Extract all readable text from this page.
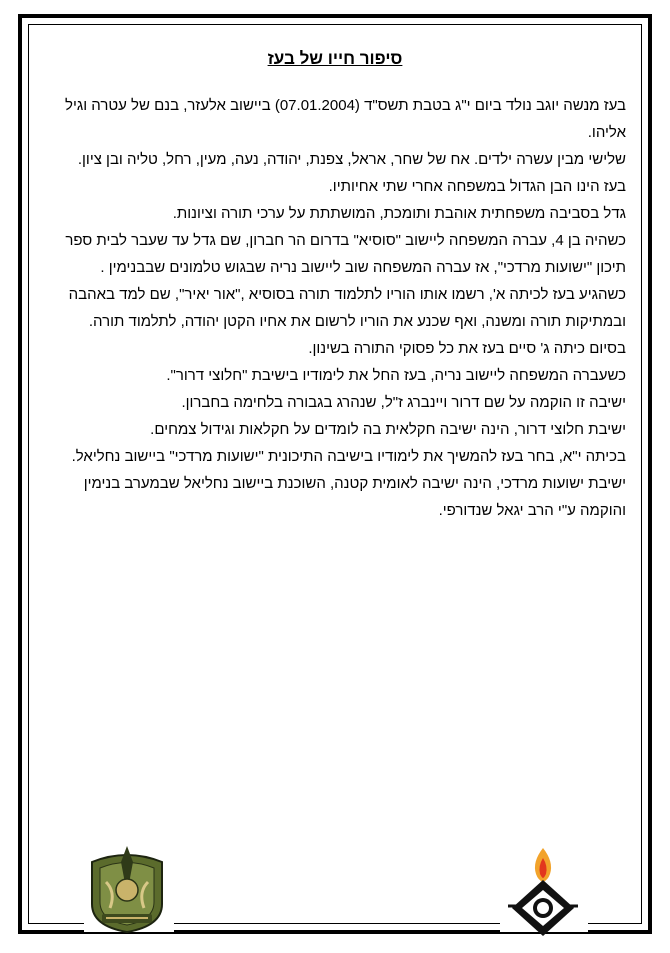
סיפור חייו של בעז

בעז מנשה יוגב נולד ביום י"ג בטבת תשס"ד (07.01.2004) ביישוב אלעזר, בנם של עטרה וגיל אליהו.

שלישי מבין עשרה ילדים. אח של שחר, אראל, צפנת, יהודה, נעה, מעין, רחל, טליה ובן ציון.

בעז הינו הבן הגדול במשפחה אחרי שתי אחיותיו.

גדל בסביבה משפחתית אוהבת ותומכת, המושתתת על ערכי תורה וציונות.

כשהיה בן 4, עברה המשפחה ליישוב "סוסיא" בדרום הר חברון, שם גדל עד שעבר לבית ספר תיכון "ישועות מרדכי", אז עברה המשפחה שוב ליישוב נריה שבגוש טלמונים שבבנימין .

כשהגיע בעז לכיתה א', רשמו אותו הוריו לתלמוד תורה בסוסיא ,"אור יאיר", שם למד באהבה ובמתיקות תורה ומשנה, ואף שכנע את הוריו לרשום את אחיו הקטן יהודה, לתלמוד תורה.

בסיום כיתה ג' סיים בעז את כל פסוקי התורה בשינון.

כשעברה המשפחה ליישוב נריה, בעז החל את לימודיו בישיבת "חלוצי דרור".

ישיבה זו הוקמה על שם דרור ויינברג ז"ל, שנהרג בגבורה בלחימה בחברון.

ישיבת חלוצי דרור, הינה ישיבה חקלאית בה לומדים על חקלאות וגידול צמחים.

בכיתה י"א, בחר בעז להמשיך את לימודיו בישיבה התיכונית "ישועות מרדכי" ביישוב נחליאל.

ישיבת ישועות מרדכי, הינה ישיבה לאומית קטנה, השוכנת ביישוב נחליאל שבמערב בנימין והוקמה ע"י הרב יגאל שנדורפי.
